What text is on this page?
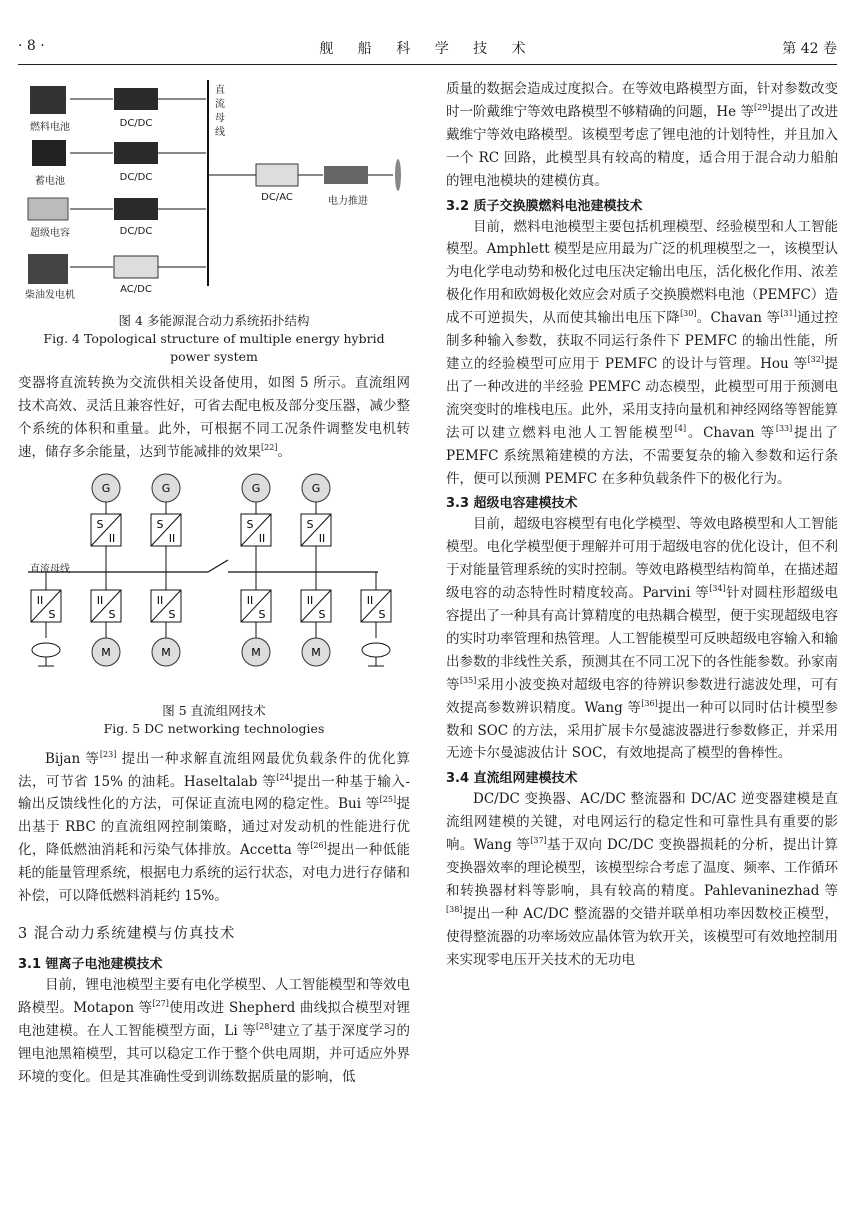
· 8 ·	舰 船 科 学 技 术	第 42 卷
燃料电池
蓄电池
超级电容
柴油发电机
DC/DC
DC/DC
DC/DC
AC/DC
直流母线
DC/AC	电力推进
图 4 多能源混合动力系统拓扑结构
Fig. 4 Topological structure of multiple energy hybrid
power system

变器将直流转换为交流供相关设备使用，如图 5 所示。直流组网技术高效、灵活且兼容性好，可省去配电板及部分变压器，减少整个系统的体积和重量。此外，可根据不同工况条件调整发电机转速，储存多余能量，达到节能减排的效果[22]。

G
S
II
G
S
II
G
S
II
G
S
II
II
S
II
S
M
II
S
M
II
S
M
II
S
M
II
S
直流母线
图 5 直流组网技术
Fig. 5 DC networking technologies

Bijan 等[23] 提出一种求解直流组网最优负载条件的优化算法，可节省 15% 的油耗。Haseltalab 等[24]提出一种基于输入-输出反馈线性化的方法，可保证直流电网的稳定性。Bui 等[25]提出基于 RBC 的直流组网控制策略，通过对发动机的性能进行优化，降低燃油消耗和污染气体排放。Accetta 等[26]提出一种低能耗的能量管理系统，根据电力系统的运行状态，对电力进行存储和补偿，可以降低燃料消耗约 15%。

3 混合动力系统建模与仿真技术
3.1 锂离子电池建模技术

目前，锂电池模型主要有电化学模型、人工智能模型和等效电路模型。Motapon 等[27]使用改进 Shepherd 曲线拟合模型对锂电池建模。在人工智能模型方面，Li 等[28]建立了基于深度学习的锂电池黑箱模型，其可以稳定工作于整个供电周期，并可适应外界环境的变化。但是其准确性受到训练数据质量的影响，低

质量的数据会造成过度拟合。在等效电路模型方面，针对参数改变时一阶戴维宁等效电路模型不够精确的问题，He 等[29]提出了改进戴维宁等效电路模型。该模型考虑了锂电池的计划特性，并且加入一个 RC 回路，此模型具有较高的精度，适合用于混合动力船舶的锂电池模块的建模仿真。

3.2 质子交换膜燃料电池建模技术

目前，燃料电池模型主要包括机理模型、经验模型和人工智能模型。Amphlett 模型是应用最为广泛的机理模型之一，该模型认为电化学电动势和极化过电压决定输出电压，活化极化作用、浓差极化作用和欧姆极化效应会对质子交换膜燃料电池（PEMFC）造成不可逆损失，从而使其输出电压下降[30]。Chavan 等[31]通过控制多种输入参数，获取不同运行条件下 PEMFC 的输出性能，所建立的经验模型可应用于 PEMFC 的设计与管理。Hou 等[32]提出了一种改进的半经验 PEMFC 动态模型，此模型可用于预测电流突变时的堆栈电压。此外，采用支持向量机和神经网络等智能算法可以建立燃料电池人工智能模型[4]。Chavan 等[33]提出了 PEMFC 系统黑箱建模的方法，不需要复杂的输入参数和运行条件，便可以预测 PEMFC 在多种负载条件下的极化行为。

3.3 超级电容建模技术

目前，超级电容模型有电化学模型、等效电路模型和人工智能模型。电化学模型便于理解并可用于超级电容的优化设计，但不利于对能量管理系统的实时控制。等效电路模型结构简单，在描述超级电容的动态特性时精度较高。Parvini 等[34]针对圆柱形超级电容提出了一种具有高计算精度的电热耦合模型，便于实现超级电容的实时功率管理和热管理。人工智能模型可反映超级电容输入和输出参数的非线性关系，预测其在不同工况下的各性能参数。孙家南等[35]采用小波变换对超级电容的待辨识参数进行滤波处理，可有效提高参数辨识精度。Wang 等[36]提出一种可以同时估计模型参数和 SOC 的方法，采用扩展卡尔曼滤波器进行参数修正，并采用无迹卡尔曼滤波估计 SOC，有效地提高了模型的鲁棒性。

3.4 直流组网建模技术

DC/DC 变换器、AC/DC 整流器和 DC/AC 逆变器建模是直流组网建模的关键，对电网运行的稳定性和可靠性具有重要的影响。Wang 等[37]基于双向 DC/DC 变换器损耗的分析，提出计算变换器效率的理论模型，该模型综合考虑了温度、频率、工作循环和转换器材料等影响，具有较高的精度。Pahlevaninezhad 等[38]提出一种 AC/DC 整流器的交错并联单相功率因数校正模型，使得整流器的功率场效应晶体管为软开关，该模型可有效地控制用来实现零电压开关技术的无功电
